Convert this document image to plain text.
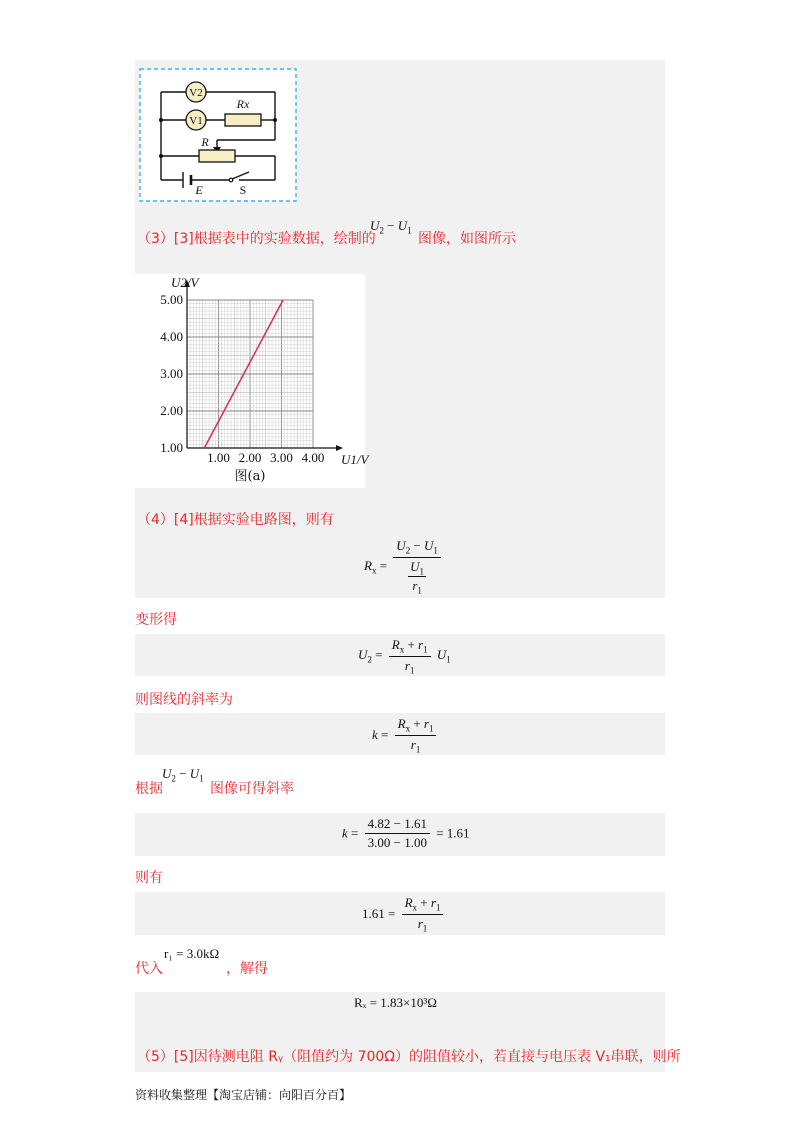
V2
V1
Rx
R
E	S
（3）[3]根据表中的实验数据，绘制的
$U_2 - U_1$
图像，如图所示
1.00 2.00 3.00 4.00
1.00
2.00
3.00
4.00
5.00
U1/V
U2/V
图(a)
（4）[4]根据实验电路图，则有
$R_x = U_2 - U_1$
$U_1$
$r_1$
变形得
$U_2 = \frac{R_x + r_1}{r_1} U_1$
则图线的斜率为
$k = \frac{R_x + r_1}{r_1}$
根据
$U_2 - U_1$
图像可得斜率
$k = \frac{4.82 - 1.61}{3.00 - 1.00} = 1.61$
则有
$1.61 = \frac{R_x + r_1}{r_1}$
代入
r₁ = 3.0kΩ
，解得
Rₓ = 1.83×10³Ω
（5）[5]因待测电阻 Rᵧ（阻值约为 700Ω）的阻值较小，若直接与电压表 V₁串联，则所
资料收集整理【淘宝店铺：向阳百分百】
